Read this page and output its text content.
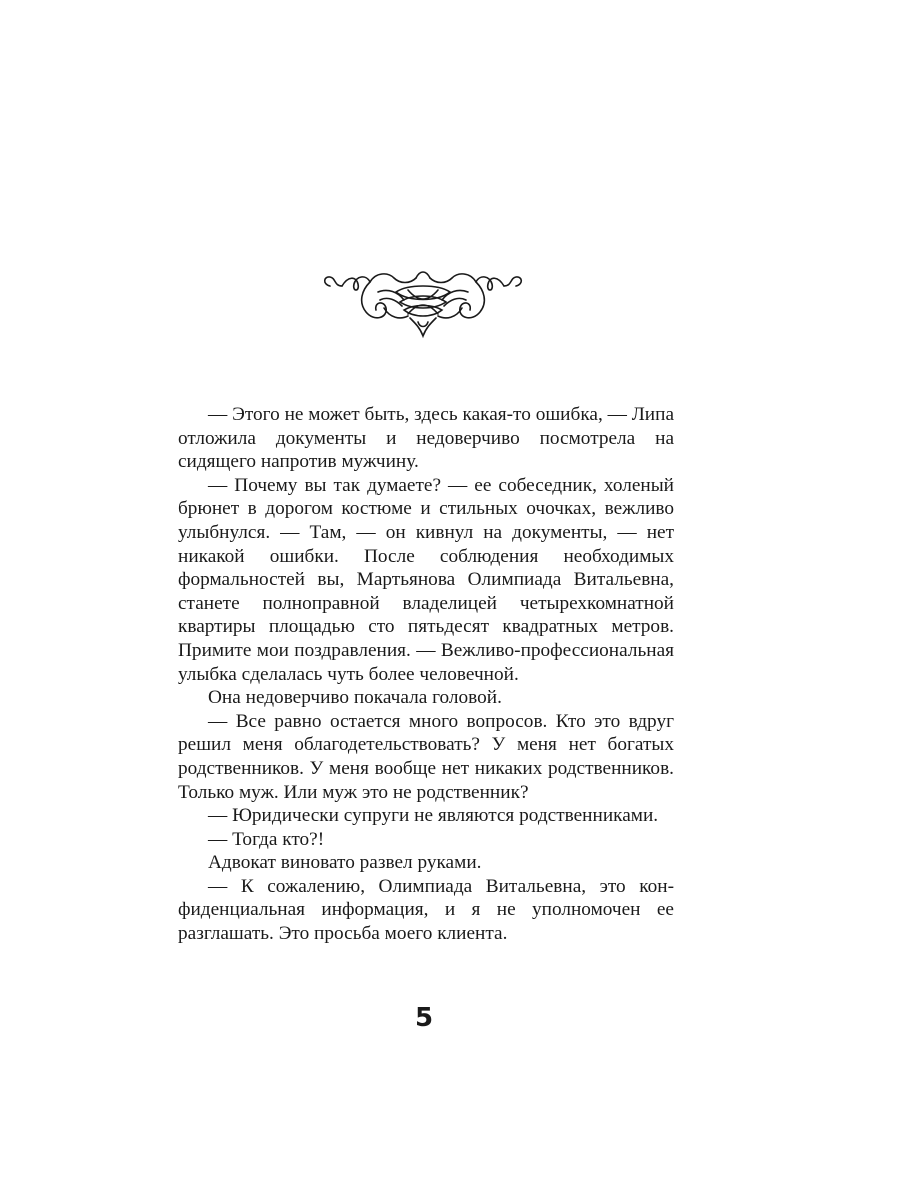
— Этого не может быть, здесь какая-то ошибка, — Липа отложила документы и недоверчиво посмотрела на сидящего напротив мужчину.

— Почему вы так думаете? — ее собеседник, холеный брюнет в дорогом костюме и стильных очочках, вежливо улыбнулся. — Там, — он кивнул на документы, — нет никакой ошибки. После соблюдения необходимых формальностей вы, Мартьянова Олимпиада Витальевна, станете полноправной владелицей четырехкомнатной квартиры площадью сто пятьдесят квадратных метров. Примите мои поздравления. — Вежливо-профессиональная улыбка сделалась чуть более человечной.

Она недоверчиво покачала головой.

— Все равно остается много вопросов. Кто это вдруг решил меня облагодетельствовать? У меня нет богатых родственников. У меня вообще нет никаких родственников. Только муж. Или муж это не родственник?

— Юридически супруги не являются родственниками.

— Тогда кто?!

Адвокат виновато развел руками.

— К сожалению, Олимпиада Витальевна, это конфиденциальная информация, и я не уполномочен ее разглашать. Это просьба моего клиента.

5
